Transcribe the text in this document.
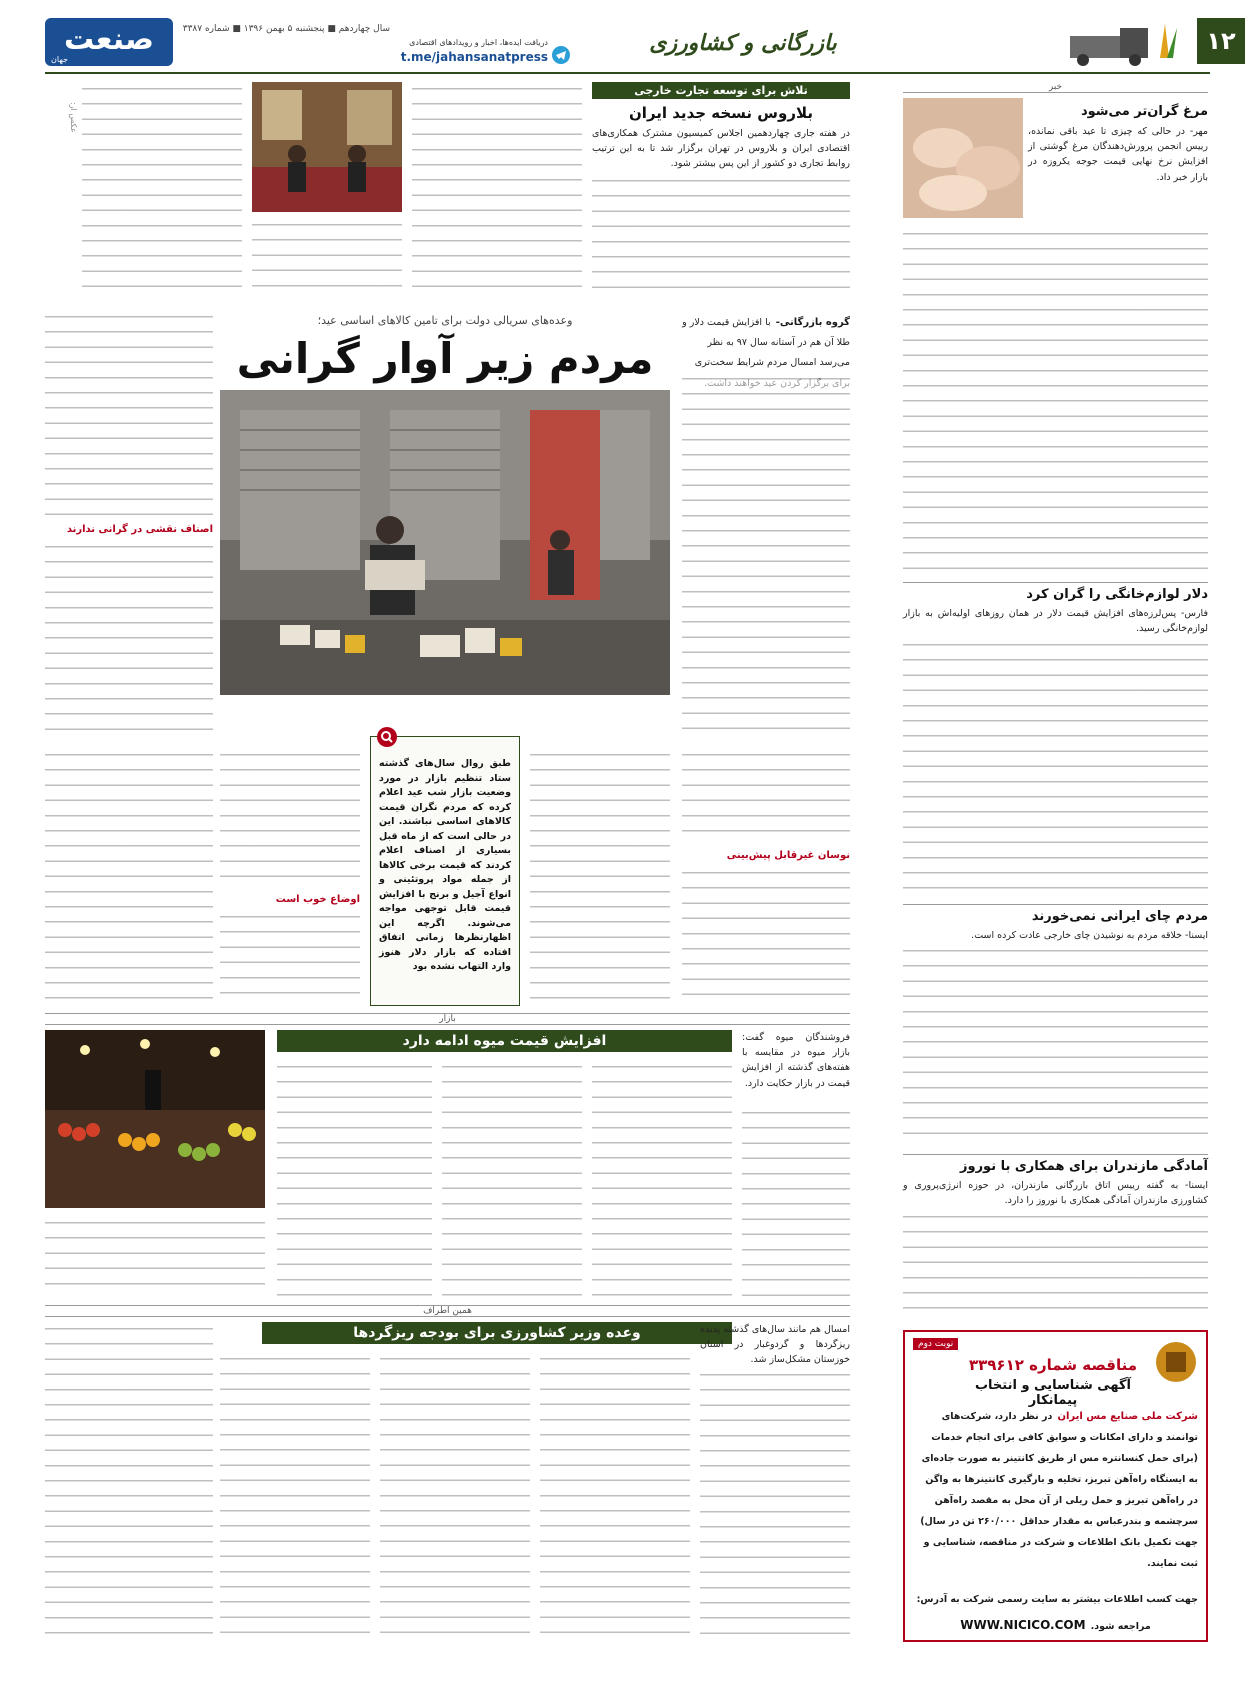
۱۲
بازرگانی و کشاورزی
دریافت ایده‌ها، اخبار و رویدادهای اقتصادی
t.me/jahansanatpress
سال چهاردهم ■ پنجشنبه ۵ بهمن ۱۳۹۶ ■ شماره ۳۳۸۷
صنعت
جهان
تلاش برای توسعه تجارت خارجی
بلاروس نسخه جدید ایران
در هفته جاری چهاردهمین اجلاس کمیسیون مشترک همکاری‌های اقتصادی ایران و بلاروس در تهران برگزار شد تا به این ترتیب روابط تجاری دو کشور از این پس بیشتر شود.
عکس از:
خبر
مرغ گران‌تر می‌شود
مهر- در حالی که چیزی تا عید باقی نمانده، رییس انجمن پرورش‌دهندگان مرغ گوشتی از افزایش نرخ نهایی قیمت جوجه یکروزه در بازار خبر داد.
دلار لوازم‌خانگی را گران کرد
فارس- پس‌لرزه‌های افزایش قیمت دلار در همان روزهای اولیه‌اش به بازار لوازم‌خانگی رسید.
مردم چای ایرانی نمی‌خورند
ایسنا- خلاقه مردم به نوشیدن چای خارجی عادت کرده است.
آمادگی مازندران برای همکاری با نوروز
ایسنا- به گفته رییس اتاق بازرگانی مازندران، در حوزه انرژی‌پروری و کشاورزی مازندران آمادگی همکاری با نوروز را دارد.
وعده‌های سریالی دولت برای تامین کالاهای اساسی عید؛
مردم زیر آوار گرانی
گروه بازرگانی- با افزایش قیمت دلار و طلا آن هم در آستانه سال ۹۷ به نظر می‌رسد امسال مردم شرایط سخت‌تری
اصناف نقشی در گرانی ندارند
نوسان غیرقابل پیش‌بینی
طبق روال سال‌های گذشته ستاد تنظیم بازار در مورد وضعیت بازار شب عید اعلام کرده که مردم نگران قیمت کالاهای اساسی نباشند. این در حالی است که از ماه قبل بسیاری از اصناف اعلام کردند که قیمت برخی کالاها از جمله مواد پروتئینی و انواع آجیل و برنج با افزایش قیمت قابل توجهی مواجه می‌شوند. اگرچه این اظهارنظرها زمانی اتفاق افتاده که بازار دلار هنوز وارد التهاب نشده بود
اوضاع خوب است
بازار
افزایش قیمت میوه ادامه دارد	فروشندگان میوه گفت: بازار میوه در مقایسه با هفته‌های گذشته از افزایش قیمت در بازار حکایت دارد.
همین اطراف
وعده وزیر کشاورزی برای بودجه ریزگردها	امسال هم مانند سال‌های گذشته پدیده ریزگردها و گردوغبار در استان خوزستان مشکل‌ساز شد.
نوبت دوم
مناقصه شماره ۳۳۹۶۱۲
آگهی شناسایی و انتخاب پیمانکار
شرکت ملی صنایع مس ایران در نظر دارد، شرکت‌های توانمند و دارای امکانات و سوابق کافی برای انجام خدمات (برای حمل کنسانتره مس از طریق کانتینر به صورت جاده‌ای به ایستگاه راه‌آهن تبریز، تخلیه و بارگیری کانتینرها به واگن در راه‌آهن تبریز و حمل ریلی از آن محل به مقصد راه‌آهن سرچشمه و بندرعباس به مقدار حداقل ۲۶۰/۰۰۰ تن در سال) جهت تکمیل بانک اطلاعات و شرکت در مناقصه، شناسایی و ثبت نمایند.
جهت کسب اطلاعات بیشتر به سایت رسمی شرکت به آدرس:
مراجعه شود. WWW.NICICO.COM
